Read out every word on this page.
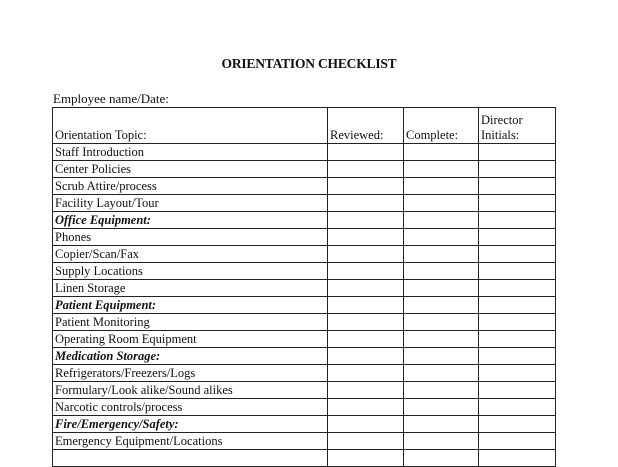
ORIENTATION CHECKLIST
Employee name/Date:
Orientation Topic:	Reviewed:	Complete:	Director
Initials:
Staff Introduction			
Center Policies			
Scrub Attire/process			
Facility Layout/Tour			
Office Equipment:			
Phones			
Copier/Scan/Fax			
Supply Locations			
Linen Storage			
Patient Equipment:			
Patient Monitoring			
Operating Room Equipment			
Medication Storage:			
Refrigerators/Freezers/Logs			
Formulary/Look alike/Sound alikes			
Narcotic controls/process			
Fire/Emergency/Safety:			
Emergency Equipment/Locations			
